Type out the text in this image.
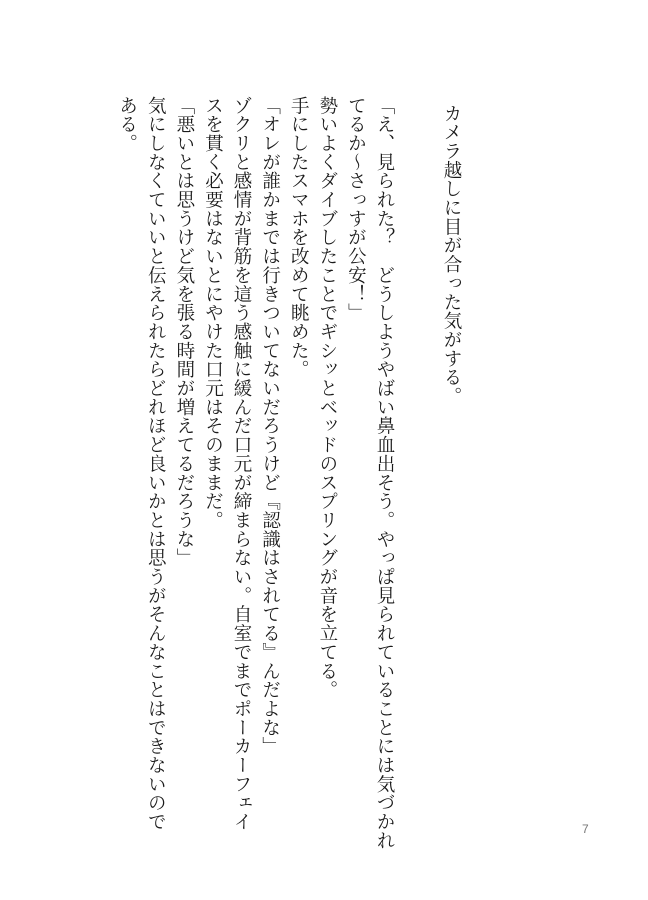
カメラ越しに目が合った気がする。
「え、見られた？　どうしようやばい鼻血出そう。やっぱ見られていることには気づかれ
てるか～さっすが公安！」
勢いよくダイブしたことでギシッとベッドのスプリングが音を立てる。
手にしたスマホを改めて眺めた。
「オレが誰かまでは行きついてないだろうけど『認識はされてる』んだよな」
ゾクリと感情が背筋を這う感触に緩んだ口元が締まらない。自室でまでポーカーフェイ
スを貫く必要はないとにやけた口元はそのままだ。
「悪いとは思うけど気を張る時間が増えてるだろうな」
気にしなくていいと伝えられたらどれほど良いかとは思うがそんなことはできないので
ある。
7
